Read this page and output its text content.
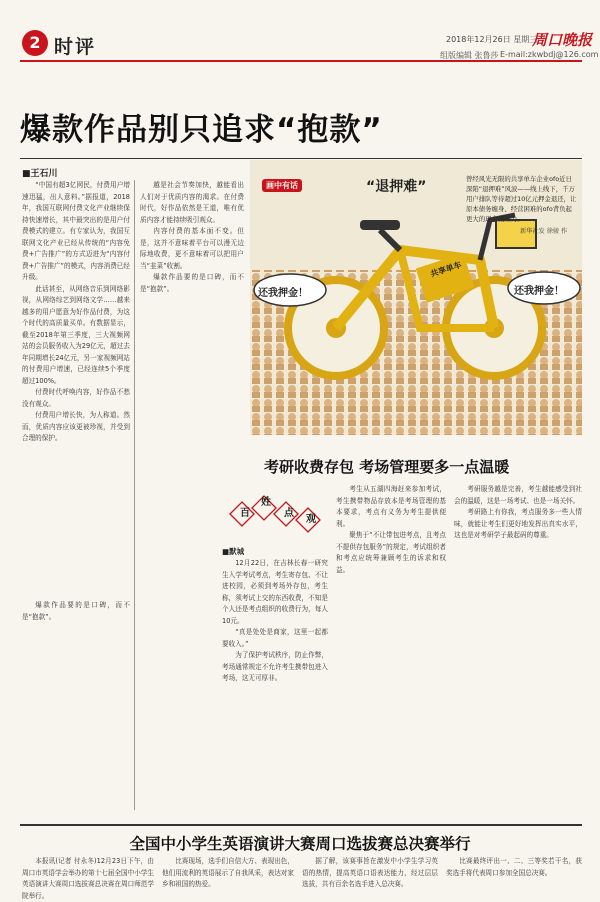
2 时评	2018年12月26日 星期三
周口晚报
组版编辑 张鲁莎 E-mail:zkwbdj@126.com
爆款作品别只追求“抱款”
■王石川

“中国有超3亿网民，付费用户增速迅猛，出人意料。”据报道，2018年，我国互联网付费文化产业继续保持快速增长，其中最突出的是用户付费模式的建立。有专家认为，我国互联网文化产业已经从传统的“内容免费+广告推广”的方式迈进为“内容付费+广告推广”的模式，内容消费已经升级。

此话甚至，从网络音乐到网络影视，从网络综艺到网络文学……越来越多的用户愿意为好作品付费，为这个时代的高质量买单。有数据显示，截至2018年第三季度，三大视频网站的会员服务收入为29亿元，超过去年同期增长24亿元，另一家视频网站的付费用户增速，已经连续5个季度超过100%。

付费时代呼唤内容，好作品不愁没有观众。

付费用户增长快，为人称道。然而，优质内容应该更被珍视，并受到合理的保护。

越是社会节奏加快，越能看出人们对于优质内容的渴求。在付费时代，好作品依然是王道，唯有优质内容才能持续吸引观众。

内容付费的基本面不变。但是，这并不意味着平台可以漫无边际地收费，更不意味着可以把用户当“韭菜”收割。

爆款作品要的是口碑，而不是“抱款”。

爆款作品要的是口碑，而不是“抱款”。

画中有话	“退押难”	曾经风光无限的共享单车企业ofo近日深陷“退押难”风波——线上线下，千万用户排队等待超过10亿元押金退还，让原本债务缠身、经营困难的ofo背负起更大的现金流压力。
新华社发 徐骏 作
还我押金！	还我押金！
共享单车
考研收费存包 考场管理要多一点温暖
百
姓
点
观
■默城

12月22日，在吉林长春一研究生入学考试考点，考生寄存包、不让进校园，必须到考场外存包，考生称，须考试上交的东西收费，不知是个人还是考点组织的收费行为，每人10元。

“真是处处是商家，这里一起都要收入。”

为了保护考试秩序，防止作弊，考场通常规定不允许考生携带包进入考场，这无可厚非。

考生从五湖四海赶来参加考试，考生携带物品存放本是考场管理的基本要求，考点有义务为考生提供便利。

聚焦于“不让带包进考点，且考点不提供存包服务”的规定，考试组织者和考点应统筹兼顾考生的诉求和权益。

考研服务越是完善，考生越能感受到社会的温暖，这是一场考试、也是一场关怀。

考研路上有你我，考点服务多一些人情味，就能让考生们更好地发挥出真实水平，这也是对考研学子最起码的尊重。

全国中小学生英语演讲大赛周口选拔赛总决赛举行

本报讯(记者 付永冬)12月23日下午，由周口市英语学会举办的第十七届全国中小学生英语演讲大赛周口选拔赛总决赛在周口师范学院举行。

比赛现场，选手们自信大方、表现出色，他们用流利的英语展示了自我风采，表达对家乡和祖国的热爱。

据了解，该赛事旨在激发中小学生学习英语的热情，提高英语口语表达能力，经过层层选拔，共有百余名选手进入总决赛。

比赛最终评出一、二、三等奖若干名，获奖选手将代表周口参加全国总决赛。
